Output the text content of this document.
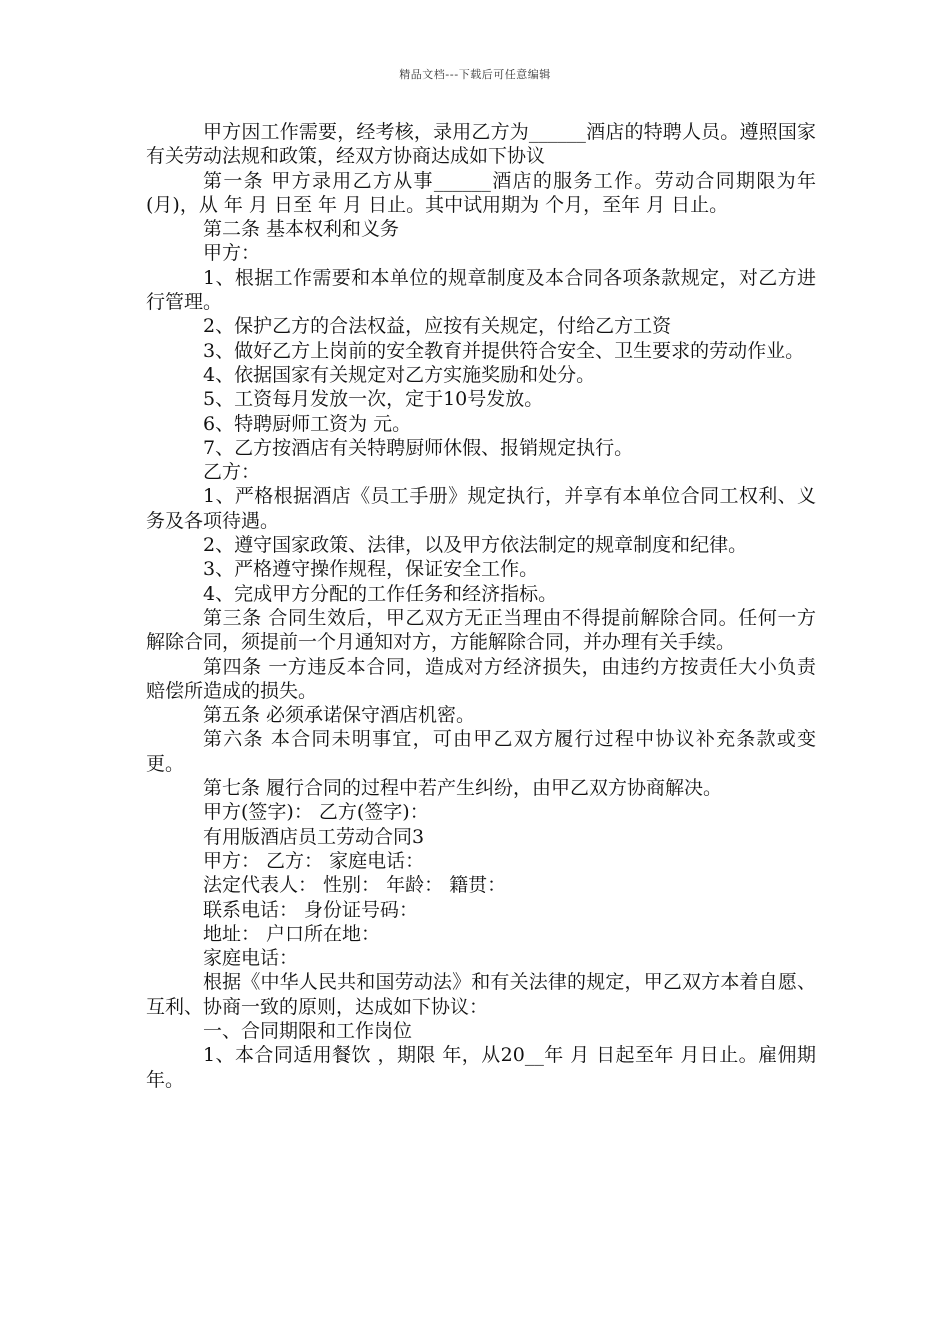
精品文档---下载后可任意编辑

甲方因工作需要，经考核，录用乙方为______酒店的特聘人员。遵照国家有关劳动法规和政策，经双方协商达成如下协议

第一条 甲方录用乙方从事______酒店的服务工作。劳动合同期限为年(月)，从 年 月 日至 年 月 日止。其中试用期为 个月，至年 月 日止。

第二条 基本权利和义务

甲方：

1、根据工作需要和本单位的规章制度及本合同各项条款规定，对乙方进行管理。

2、保护乙方的合法权益，应按有关规定，付给乙方工资

3、做好乙方上岗前的安全教育并提供符合安全、卫生要求的劳动作业。

4、依据国家有关规定对乙方实施奖励和处分。

5、工资每月发放一次，定于10号发放。

6、特聘厨师工资为 元。

7、乙方按酒店有关特聘厨师休假、报销规定执行。

乙方：

1、严格根据酒店《员工手册》规定执行，并享有本单位合同工权利、义务及各项待遇。

2、遵守国家政策、法律，以及甲方依法制定的规章制度和纪律。

3、严格遵守操作规程，保证安全工作。

4、完成甲方分配的工作任务和经济指标。

第三条 合同生效后，甲乙双方无正当理由不得提前解除合同。任何一方解除合同，须提前一个月通知对方，方能解除合同，并办理有关手续。

第四条 一方违反本合同，造成对方经济损失，由违约方按责任大小负责赔偿所造成的损失。

第五条 必须承诺保守酒店机密。

第六条 本合同未明事宜，可由甲乙双方履行过程中协议补充条款或变更。

第七条 履行合同的过程中若产生纠纷，由甲乙双方协商解决。

甲方(签字)： 乙方(签字)：

有用版酒店员工劳动合同3

甲方： 乙方： 家庭电话：

法定代表人： 性别： 年龄： 籍贯：

联系电话： 身份证号码：

地址： 户口所在地：

家庭电话：

根据《中华人民共和国劳动法》和有关法律的规定，甲乙双方本着自愿、互利、协商一致的原则，达成如下协议：

一、合同期限和工作岗位

1、本合同适用餐饮 ，期限 年，从20__年 月 日起至年 月日止。雇佣期 年。
